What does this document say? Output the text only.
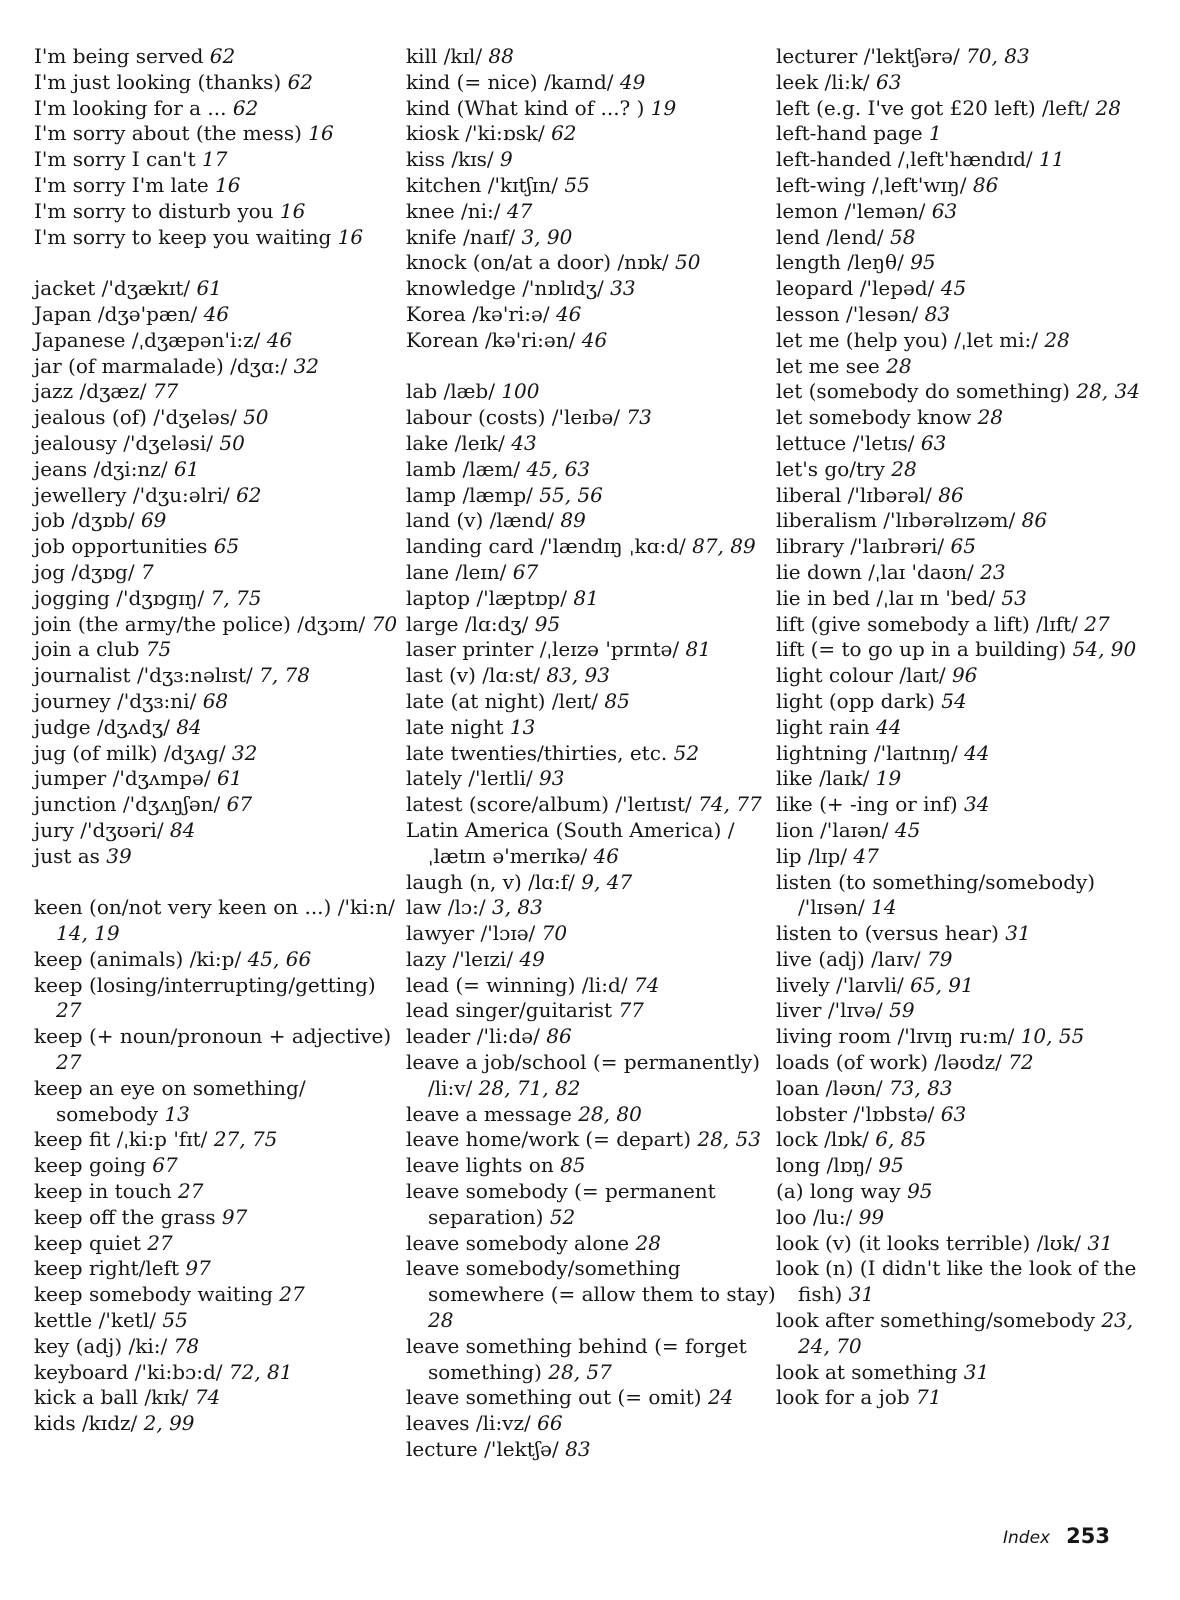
I'm being served 62
I'm just looking (thanks) 62
I'm looking for a ... 62
I'm sorry about (the mess) 16
I'm sorry I can't 17
I'm sorry I'm late 16
I'm sorry to disturb you 16
I'm sorry to keep you waiting 16
jacket /'dʒækɪt/ 61
Japan /dʒə'pæn/ 46
Japanese /ˌdʒæpən'i:z/ 46
jar (of marmalade) /dʒɑ:/ 32
jazz /dʒæz/ 77
jealous (of) /'dʒeləs/ 50
jealousy /'dʒeləsi/ 50
jeans /dʒi:nz/ 61
jewellery /'dʒu:əlri/ 62
job /dʒɒb/ 69
job opportunities 65
jog /dʒɒg/ 7
jogging /'dʒɒgɪŋ/ 7, 75
join (the army/the police) /dʒɔɪn/ 70
join a club 75
journalist /'dʒɜ:nəlɪst/ 7, 78
journey /'dʒɜ:ni/ 68
judge /dʒʌdʒ/ 84
jug (of milk) /dʒʌg/ 32
jumper /'dʒʌmpə/ 61
junction /'dʒʌŋʃən/ 67
jury /'dʒʊəri/ 84
just as 39
keen (on/not very keen on ...) /'ki:n/ 14, 19
keep (animals) /ki:p/ 45, 66
keep (losing/interrupting/getting) 27
keep (+ noun/pronoun + adjective) 27
keep an eye on something/ somebody 13
keep fit /ˌki:p 'fɪt/ 27, 75
keep going 67
keep in touch 27
keep off the grass 97
keep quiet 27
keep right/left 97
keep somebody waiting 27
kettle /'ketl/ 55
key (adj) /ki:/ 78
keyboard /'ki:bɔ:d/ 72, 81
kick a ball /kɪk/ 74
kids /kɪdz/ 2, 99
kill /kɪl/ 88
kind (= nice) /kaɪnd/ 49
kind (What kind of ...? ) 19
kiosk /'ki:ɒsk/ 62
kiss /kɪs/ 9
kitchen /'kɪtʃɪn/ 55
knee /ni:/ 47
knife /naɪf/ 3, 90
knock (on/at a door) /nɒk/ 50
knowledge /'nɒlɪdʒ/ 33
Korea /kə'ri:ə/ 46
Korean /kə'ri:ən/ 46
lab /læb/ 100
labour (costs) /'leɪbə/ 73
lake /leɪk/ 43
lamb /læm/ 45, 63
lamp /læmp/ 55, 56
land (v) /lænd/ 89
landing card /'lændɪŋ ˌkɑ:d/ 87, 89
lane /leɪn/ 67
laptop /'læptɒp/ 81
large /lɑ:dʒ/ 95
laser printer /ˌleɪzə 'prɪntə/ 81
last (v) /lɑ:st/ 83, 93
late (at night) /leɪt/ 85
late night 13
late twenties/thirties, etc. 52
lately /'leɪtli/ 93
latest (score/album) /'leɪtɪst/ 74, 77
Latin America (South America) /ˌlætɪn ə'merɪkə/ 46
laugh (n, v) /lɑ:f/ 9, 47
law /lɔ:/ 3, 83
lawyer /'lɔɪə/ 70
lazy /'leɪzi/ 49
lead (= winning) /li:d/ 74
lead singer/guitarist 77
leader /'li:də/ 86
leave a job/school (= permanently) /li:v/ 28, 71, 82
leave a message 28, 80
leave home/work (= depart) 28, 53
leave lights on 85
leave somebody (= permanent separation) 52
leave somebody alone 28
leave somebody/something somewhere (= allow them to stay) 28
leave something behind (= forget something) 28, 57
leave something out (= omit) 24
leaves /li:vz/ 66
lecture /'lektʃə/ 83
lecturer /'lektʃərə/ 70, 83
leek /li:k/ 63
left (e.g. I've got £20 left) /left/ 28
left-hand page 1
left-handed /ˌleft'hændɪd/ 11
left-wing /ˌleft'wɪŋ/ 86
lemon /'lemən/ 63
lend /lend/ 58
length /leŋθ/ 95
leopard /'lepəd/ 45
lesson /'lesən/ 83
let me (help you) /ˌlet mi:/ 28
let me see 28
let (somebody do something) 28, 34
let somebody know 28
lettuce /'letɪs/ 63
let's go/try 28
liberal /'lɪbərəl/ 86
liberalism /'lɪbərəlɪzəm/ 86
library /'laɪbrəri/ 65
lie down /ˌlaɪ 'daʊn/ 23
lie in bed /ˌlaɪ ɪn 'bed/ 53
lift (give somebody a lift) /lɪft/ 27
lift (= to go up in a building) 54, 90
light colour /laɪt/ 96
light (opp dark) 54
light rain 44
lightning /'laɪtnɪŋ/ 44
like /laɪk/ 19
like (+ -ing or inf) 34
lion /'laɪən/ 45
lip /lɪp/ 47
listen (to something/somebody) /'lɪsən/ 14
listen to (versus hear) 31
live (adj) /laɪv/ 79
lively /'laɪvli/ 65, 91
liver /'lɪvə/ 59
living room /'lɪvɪŋ ru:m/ 10, 55
loads (of work) /ləʊdz/ 72
loan /ləʊn/ 73, 83
lobster /'lɒbstə/ 63
lock /lɒk/ 6, 85
long /lɒŋ/ 95
(a) long way 95
loo /lu:/ 99
look (v) (it looks terrible) /lʊk/ 31
look (n) (I didn't like the look of the fish) 31
look after something/somebody 23, 24, 70
look at something 31
look for a job 71
Index 253
